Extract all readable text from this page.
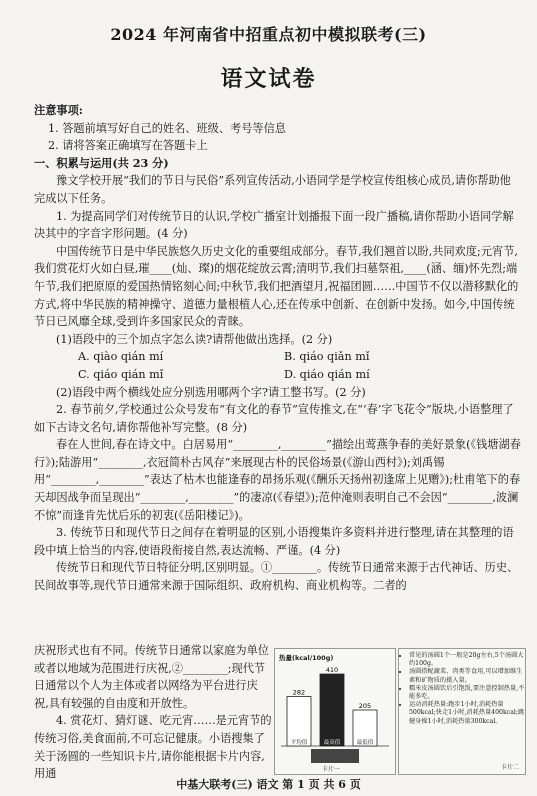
2024 年河南省中招重点初中模拟联考(三)
语文试卷

注意事项:

1. 答题前填写好自己的姓名、班级、考号等信息

2. 请将答案正确填写在答题卡上

一、积累与运用(共 23 分)

豫文学校开展“我们的节日与民俗”系列宣传活动,小语同学是学校宣传组核心成员,请你帮助他完成以下任务。

1. 为提高同学们对传统节日的认识,学校广播室计划播报下面一段广播稿,请你帮助小语同学解决其中的字音字形问题。(4 分)

中国传统节日是中华民族悠久历史文化的重要组成部分。春节,我们翘首以盼,共同欢度;元宵节,我们赏花灯火如白昼,璀____(灿、璨)的烟花绽放云霄;清明节,我们扫墓祭祖,____(涵、缅)怀先烈;端午节,我们把原原的爱国热情铭刻心间;中秋节,我们把酒望月,祝福团圆……中国节不仅以潜移默化的方式,将中华民族的精神操守、道德力量根植人心,还在传承中创新、在创新中发扬。如今,中国传统节日已风靡全球,受到许多国家民众的青睐。

(1)语段中的三个加点字怎么读?请帮他做出选择。(2 分)

A. qiào qián mí	B. qiáo qiǎn mǐ
C. qiáo qián mǐ	D. qiáo qián mí

(2)语段中两个横线处应分别选用哪两个字?请工整书写。(2 分)

2. 春节前夕,学校通过公众号发布“有文化的春节”宣传推文,在“‘春’字飞花令”版块,小语整理了如下古诗文名句,请你帮他补写完整。(8 分)

春在人世间,春在诗文中。白居易用“________,________”描绘出莺燕争春的美好景象(《钱塘湖春行》);陆游用“________,衣冠简朴古风存”来展现古朴的民俗场景(《游山西村》);刘禹锡用“________,________”表达了枯木也能逢春的昂扬乐观(《酬乐天扬州初逢席上见赠》);杜甫笔下的春天却因战争而呈现出“________,________”的凄凉(《春望》);范仲淹则表明自己不会因“________,波澜不惊”而逢肯先忧后乐的初衷(《岳阳楼记》)。

3. 传统节日和现代节日之间存在着明显的区别,小语搜集许多资料并进行整理,请在其整理的语段中填上恰当的内容,使语段衔接自然,表达流畅、严谨。(4 分)

传统节日和现代节日特征分明,区别明显。①________。传统节日通常来源于古代神话、历史、民间故事等,现代节日通常来源于国际组织、政府机构、商业机构等。二者的

庆祝形式也有不同。传统节日通常以家庭为单位或者以地域为范围进行庆祝,②________;现代节日通常以个人为主体或者以网络为平台进行庆祝,具有较强的自由度和开放性。

4. 赏花灯、猜灯谜、吃元宵……是元宵节的传统习俗,美食面前,不可忘记健康。小语搜集了关于汤圆的一些知识卡片,请你能根据卡片内容,用通

热量(kcal/100g)
282
平均值
410
最高值
205
最低值
卡片一
• 常见的汤圆1个一般是20g左右,5个汤圆大约100g。
• 汤圆搭配蔬菜、肉类等食用,可以增加维生素和矿物质的摄入量。
• 糯米皮汤圆饮后引饱饭,要注意控制热量,不能多吃。
• 运动消耗热量:跑步1小时,消耗热量500kcal;快走1小时,消耗热量400kcal;跳健身操1小时,消耗热量300kcal。
卡片二
中基大联考(三) 语文 第 1 页 共 6 页
